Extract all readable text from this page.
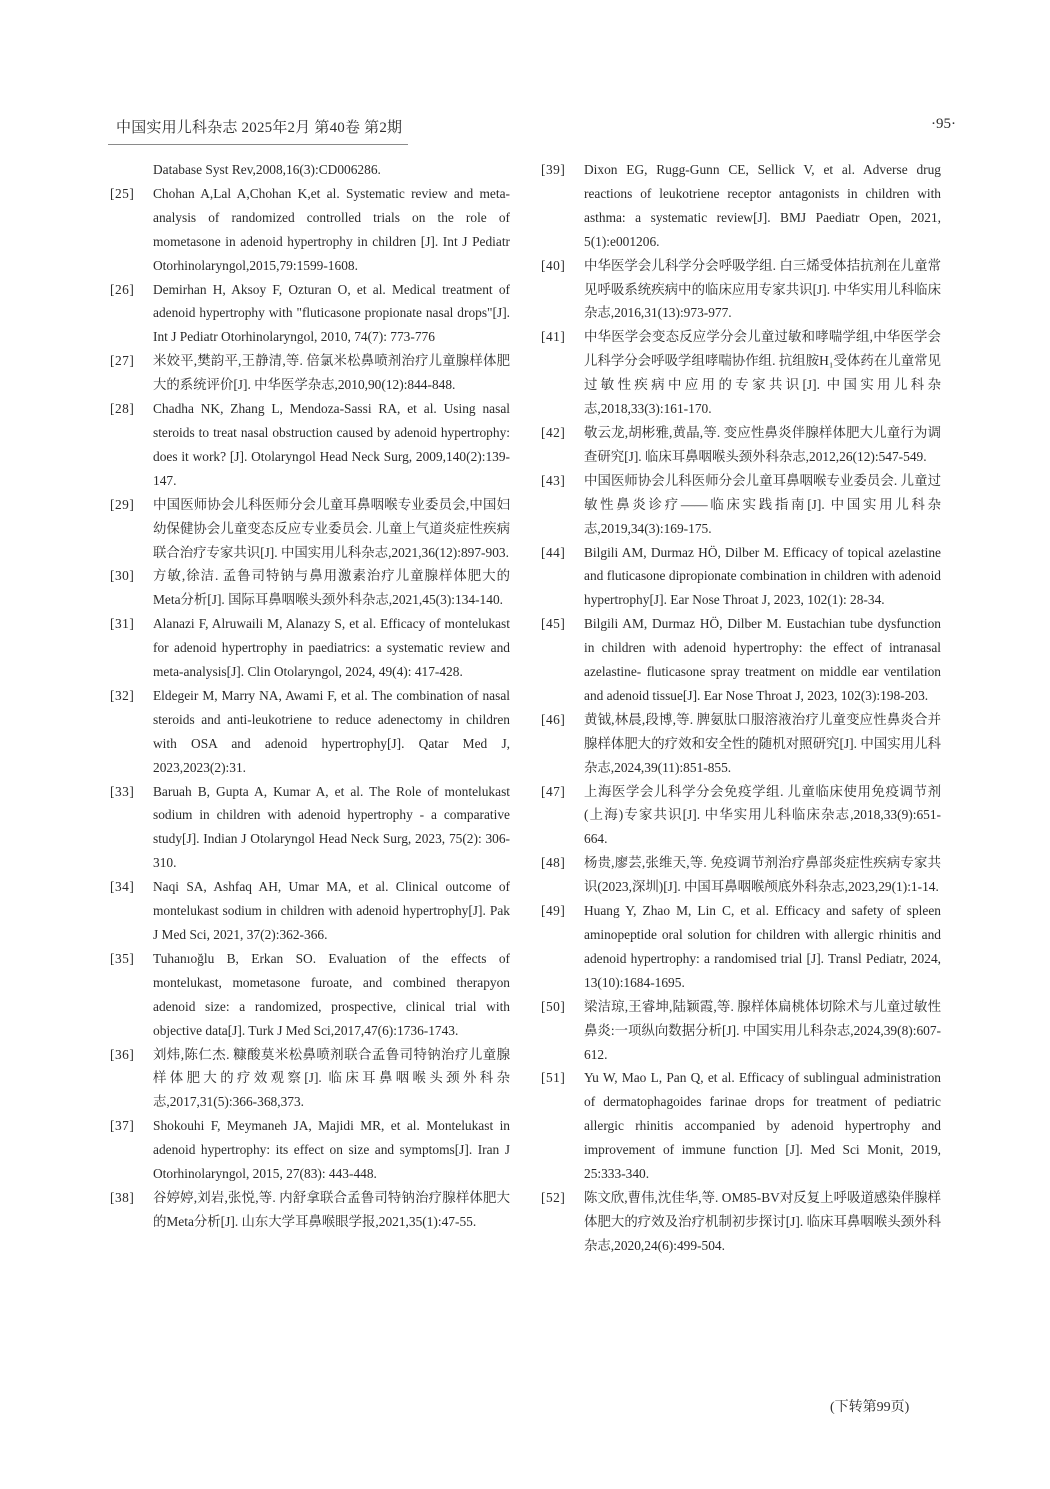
中国实用儿科杂志 2025年2月 第40卷 第2期	·95·
Database Syst Rev,2008,16(3):CD006286.
[25]	Chohan A,Lal A,Chohan K,et al. Systematic review and meta-analysis of randomized controlled trials on the role of mometasone in adenoid hypertrophy in children [J]. Int J Pediatr Otorhinolaryngol,2015,79:1599-1608.
[26]	Demirhan H, Aksoy F, Ozturan O, et al. Medical treatment of adenoid hypertrophy with "fluticasone propionate nasal drops"[J]. Int J Pediatr Otorhinolaryngol, 2010, 74(7): 773-776
[27]	米姣平,樊韵平,王静清,等. 倍氯米松鼻喷剂治疗儿童腺样体肥大的系统评价[J]. 中华医学杂志,2010,90(12):844-848.
[28]	Chadha NK, Zhang L, Mendoza-Sassi RA, et al. Using nasal steroids to treat nasal obstruction caused by adenoid hypertrophy: does it work? [J]. Otolaryngol Head Neck Surg, 2009,140(2):139-147.
[29]	中国医师协会儿科医师分会儿童耳鼻咽喉专业委员会,中国妇幼保健协会儿童变态反应专业委员会. 儿童上气道炎症性疾病联合治疗专家共识[J]. 中国实用儿科杂志,2021,36(12):897-903.
[30]	方敏,徐洁. 孟鲁司特钠与鼻用激素治疗儿童腺样体肥大的Meta分析[J]. 国际耳鼻咽喉头颈外科杂志,2021,45(3):134-140.
[31]	Alanazi F, Alruwaili M, Alanazy S, et al. Efficacy of montelukast for adenoid hypertrophy in paediatrics: a systematic review and meta-analysis[J]. Clin Otolaryngol, 2024, 49(4): 417-428.
[32]	Eldegeir M, Marry NA, Awami F, et al. The combination of nasal steroids and anti-leukotriene to reduce adenectomy in children with OSA and adenoid hypertrophy[J]. Qatar Med J, 2023,2023(2):31.
[33]	Baruah B, Gupta A, Kumar A, et al. The Role of montelukast sodium in children with adenoid hypertrophy - a comparative study[J]. Indian J Otolaryngol Head Neck Surg, 2023, 75(2): 306-310.
[34]	Naqi SA, Ashfaq AH, Umar MA, et al. Clinical outcome of montelukast sodium in children with adenoid hypertrophy[J]. Pak J Med Sci, 2021, 37(2):362-366.
[35]	Tuhanıoğlu B, Erkan SO. Evaluation of the effects of montelukast, mometasone furoate, and combined therapyon adenoid size: a randomized, prospective, clinical trial with objective data[J]. Turk J Med Sci,2017,47(6):1736-1743.
[36]	刘炜,陈仁杰. 糠酸莫米松鼻喷剂联合孟鲁司特钠治疗儿童腺样体肥大的疗效观察[J]. 临床耳鼻咽喉头颈外科杂志,2017,31(5):366-368,373.
[37]	Shokouhi F, Meymaneh JA, Majidi MR, et al. Montelukast in adenoid hypertrophy: its effect on size and symptoms[J]. Iran J Otorhinolaryngol, 2015, 27(83): 443-448.
[38]	谷婷婷,刘岩,张悦,等. 内舒拿联合孟鲁司特钠治疗腺样体肥大的Meta分析[J]. 山东大学耳鼻喉眼学报,2021,35(1):47-55.
[39]	Dixon EG, Rugg-Gunn CE, Sellick V, et al. Adverse drug reactions of leukotriene receptor antagonists in children with asthma: a systematic review[J]. BMJ Paediatr Open, 2021, 5(1):e001206.
[40]	中华医学会儿科学分会呼吸学组. 白三烯受体拮抗剂在儿童常见呼吸系统疾病中的临床应用专家共识[J]. 中华实用儿科临床杂志,2016,31(13):973-977.
[41]	中华医学会变态反应学分会儿童过敏和哮喘学组,中华医学会儿科学分会呼吸学组哮喘协作组. 抗组胺H₁受体药在儿童常见过敏性疾病中应用的专家共识[J]. 中国实用儿科杂志,2018,33(3):161-170.
[42]	敬云龙,胡彬雅,黄晶,等. 变应性鼻炎伴腺样体肥大儿童行为调查研究[J]. 临床耳鼻咽喉头颈外科杂志,2012,26(12):547-549.
[43]	中国医师协会儿科医师分会儿童耳鼻咽喉专业委员会. 儿童过敏性鼻炎诊疗——临床实践指南[J]. 中国实用儿科杂志,2019,34(3):169-175.
[44]	Bilgili AM, Durmaz HÖ, Dilber M. Efficacy of topical azelastine and fluticasone dipropionate combination in children with adenoid hypertrophy[J]. Ear Nose Throat J, 2023, 102(1): 28-34.
[45]	Bilgili AM, Durmaz HÖ, Dilber M. Eustachian tube dysfunction in children with adenoid hypertrophy: the effect of intranasal azelastine- fluticasone spray treatment on middle ear ventilation and adenoid tissue[J]. Ear Nose Throat J, 2023, 102(3):198-203.
[46]	黄钺,林晨,段博,等. 脾氨肽口服溶液治疗儿童变应性鼻炎合并腺样体肥大的疗效和安全性的随机对照研究[J]. 中国实用儿科杂志,2024,39(11):851-855.
[47]	上海医学会儿科学分会免疫学组. 儿童临床使用免疫调节剂(上海)专家共识[J]. 中华实用儿科临床杂志,2018,33(9):651-664.
[48]	杨贵,廖芸,张维天,等. 免疫调节剂治疗鼻部炎症性疾病专家共识(2023,深圳)[J]. 中国耳鼻咽喉颅底外科杂志,2023,29(1):1-14.
[49]	Huang Y, Zhao M, Lin C, et al. Efficacy and safety of spleen aminopeptide oral solution for children with allergic rhinitis and adenoid hypertrophy: a randomised trial [J]. Transl Pediatr, 2024, 13(10):1684-1695.
[50]	梁洁琼,王睿坤,陆颖霞,等. 腺样体扁桃体切除术与儿童过敏性鼻炎:一项纵向数据分析[J]. 中国实用儿科杂志,2024,39(8):607-612.
[51]	Yu W, Mao L, Pan Q, et al. Efficacy of sublingual administration of dermatophagoides farinae drops for treatment of pediatric allergic rhinitis accompanied by adenoid hypertrophy and improvement of immune function [J]. Med Sci Monit, 2019, 25:333-340.
[52]	陈文欣,曹伟,沈佳华,等. OM85-BV对反复上呼吸道感染伴腺样体肥大的疗效及治疗机制初步探讨[J]. 临床耳鼻咽喉头颈外科杂志,2020,24(6):499-504.
(下转第99页)
